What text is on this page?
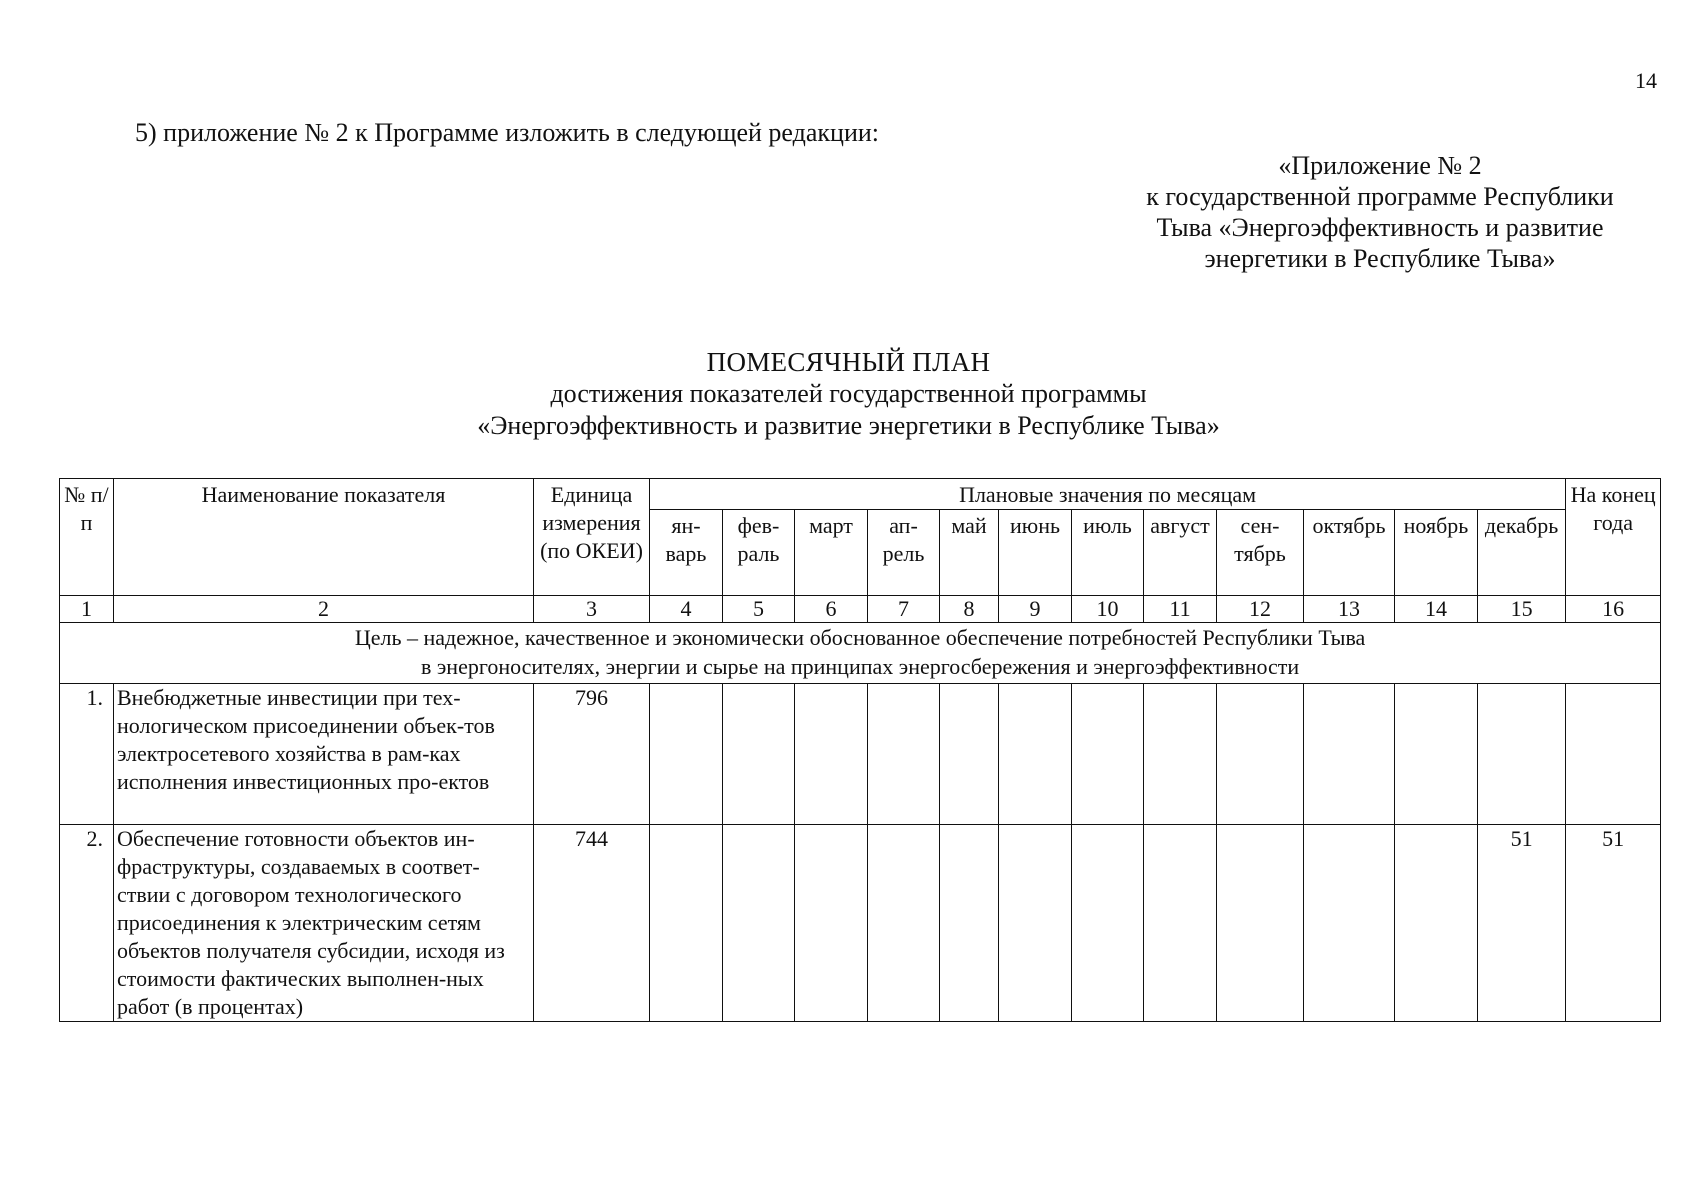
14
5) приложение № 2 к Программе изложить в следующей редакции:
«Приложение № 2
к государственной программе Республики
Тыва «Энергоэффективность и развитие
энергетики в Республике Тыва»
ПОМЕСЯЧНЫЙ ПЛАН
достижения показателей государственной программы
«Энергоэффективность и развитие энергетики в Республике Тыва»
№ п/п	Наименование показателя	Единица измерения (по ОКЕИ)	Плановые значения по месяцам												На конец года
			ян-варь	фев-раль	март	ап-рель	май	июнь	июль	август	сен-тябрь	октябрь	ноябрь	декабрь	
1	2	3	4	5	6	7	8	9	10	11	12	13	14	15	16

Цель – надежное, качественное и экономически обоснованное обеспечение потребностей Республики Тыва
в энергоносителях, энергии и сырье на принципах энергосбережения и энергоэффективности															

1.	Внебюджетные инвестиции при тех-нологическом присоединении объек-тов электросетевого хозяйства в рам-ках исполнения инвестиционных про-ектов	796													
2.	Обеспечение готовности объектов ин-фраструктуры, создаваемых в соответ-ствии с договором технологического присоединения к электрическим сетям объектов получателя субсидии, исходя из стоимости фактических выполнен-ных работ (в процентах)	744												51	51
